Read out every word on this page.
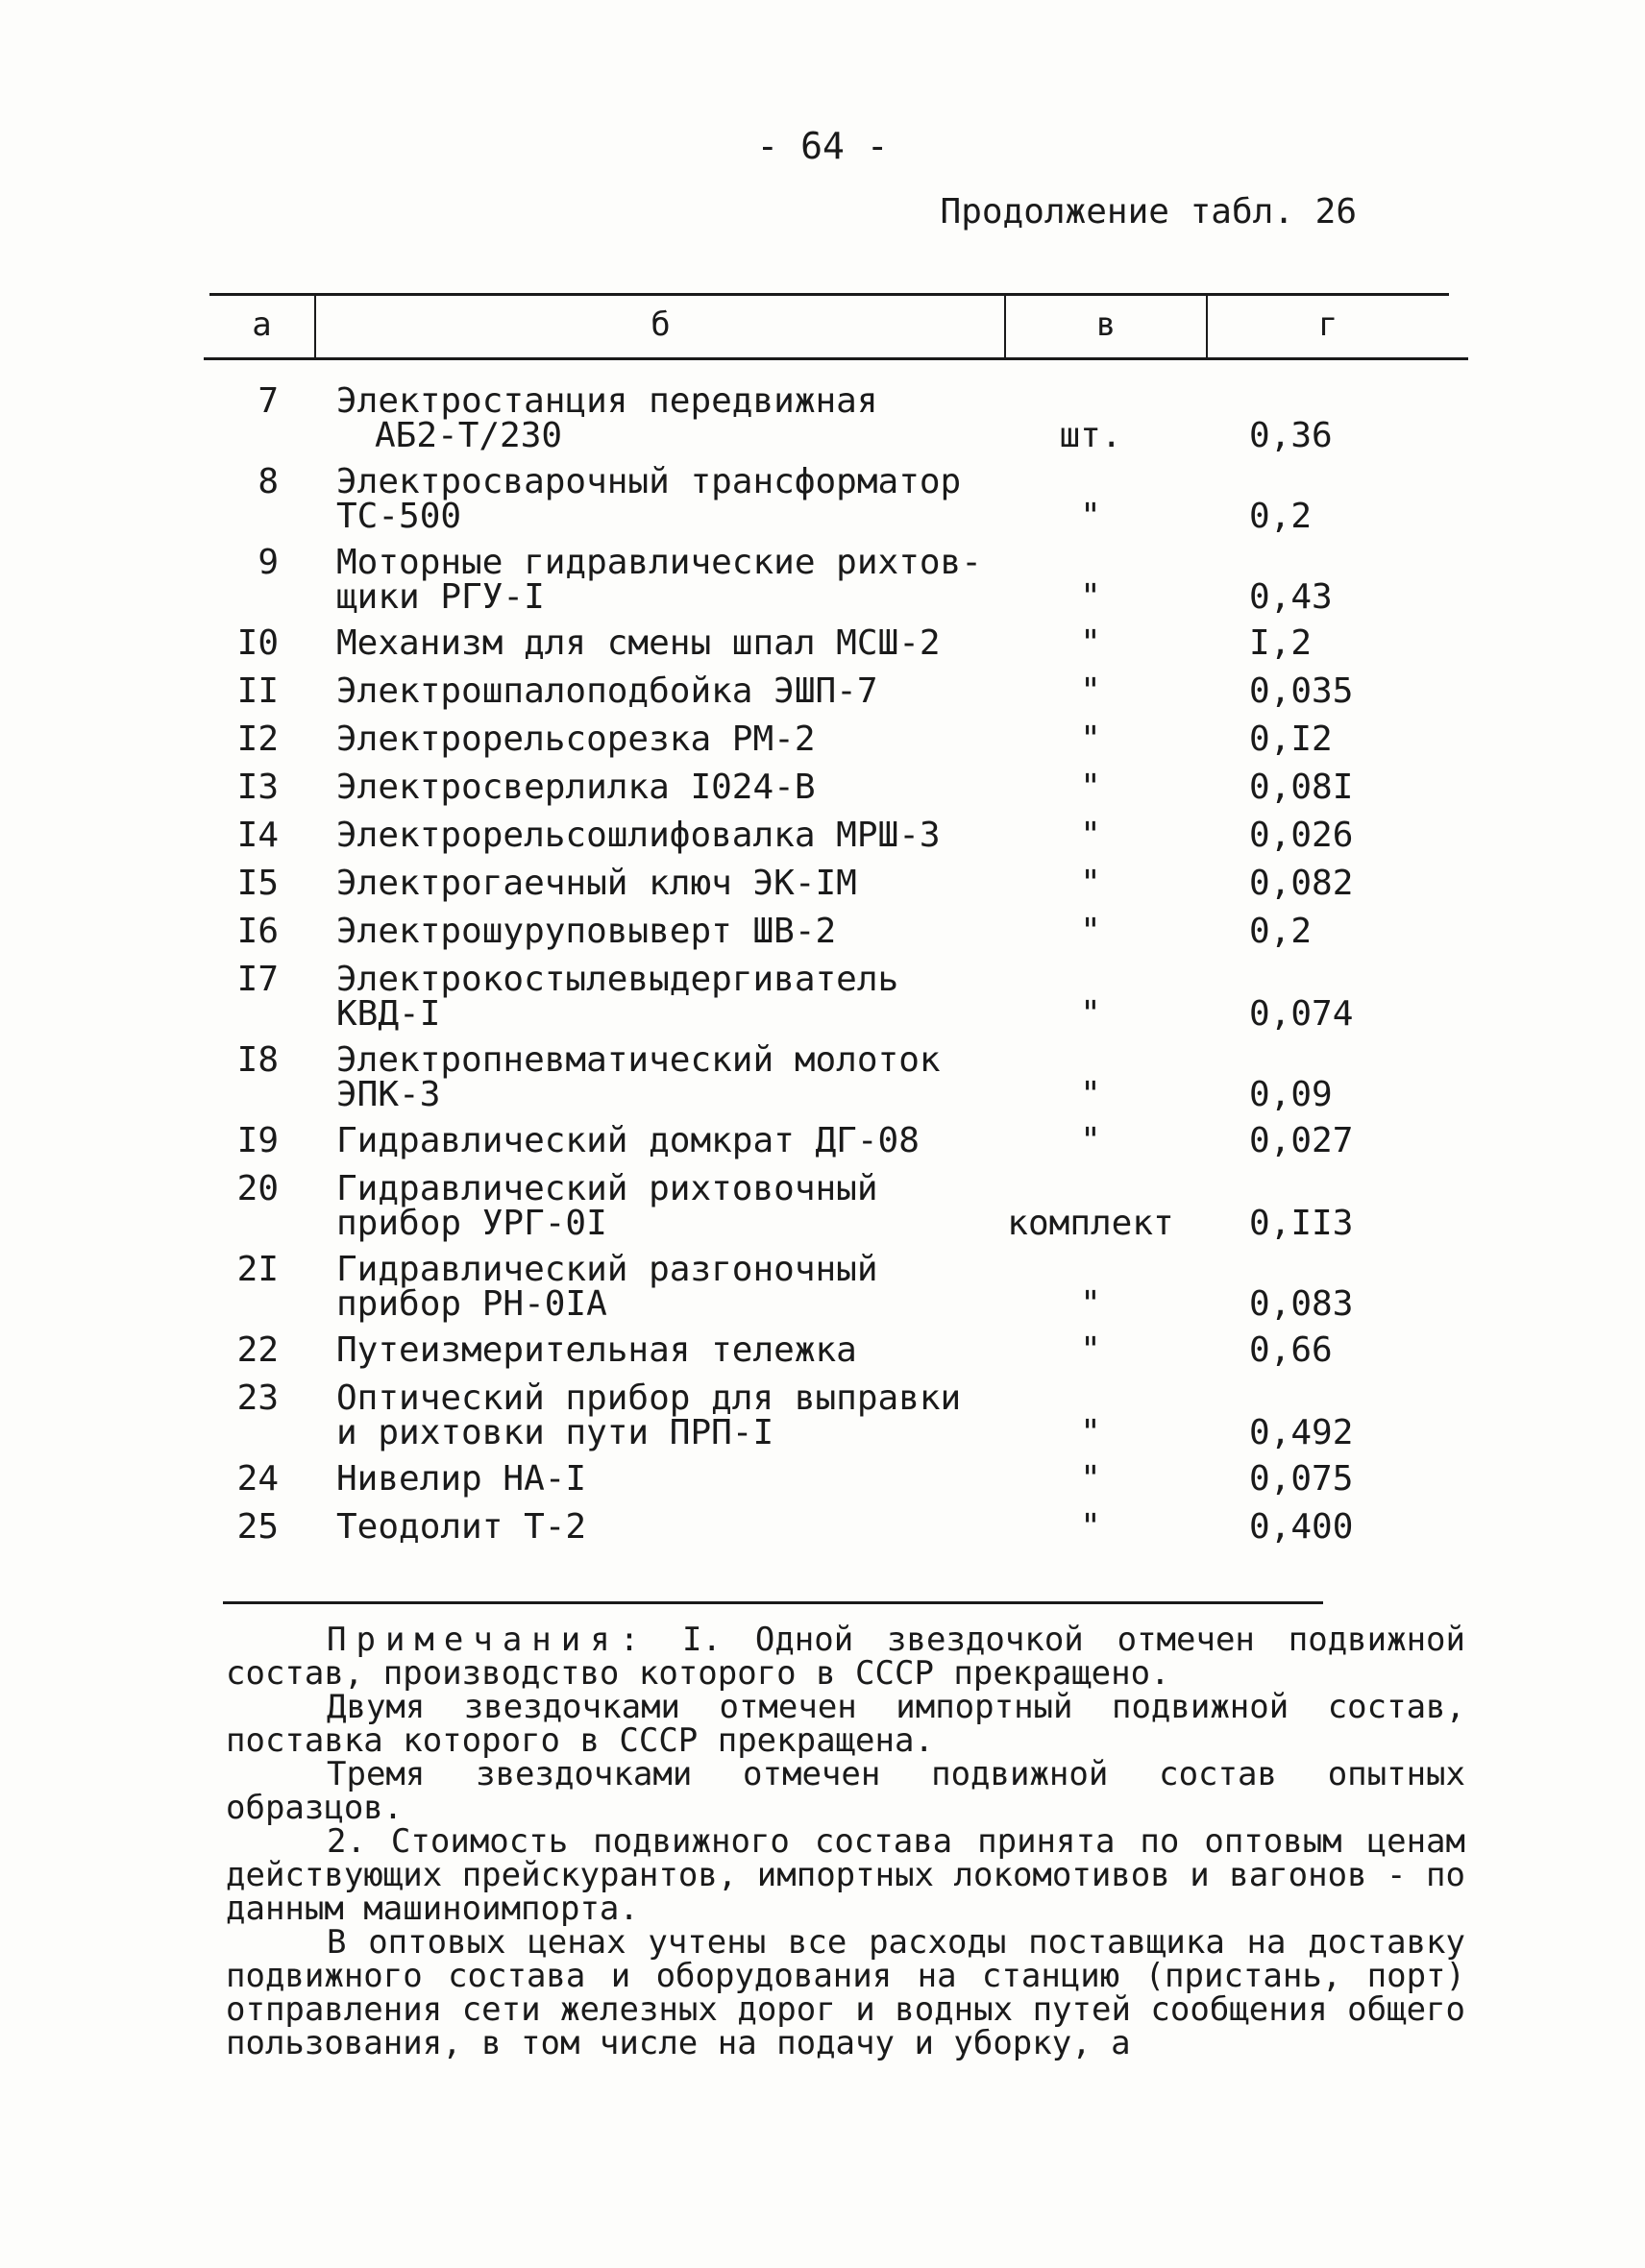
- 64 -
Продолжение табл. 26
а	б	в	г
7 Электростанция передвижная
АБ2-Т/230	шт.	0,36
8 Электросварочный трансформатор
ТС-500	"	0,2
9 Моторные гидравлические рихтов-
щики РГУ-I	"	0,43
I0 Механизм для смены шпал МСШ-2	"	I,2
II Электрошпалоподбойка ЭШП-7	"	0,035
I2 Электрорельсорезка РМ-2	"	0,I2
I3 Электросверлилка I024-В	"	0,08I
I4 Электрорельсошлифовалка МРШ-3	"	0,026
I5 Электрогаечный ключ ЭК-IМ	"	0,082
I6 Электрошуруповыверт ШВ-2	"	0,2
I7 Электрокостылевыдергиватель
КВД-I	"	0,074
I8 Электропневматический молоток
ЭПК-3	"	0,09
I9 Гидравлический домкрат ДГ-08	"	0,027
20 Гидравлический рихтовочный
прибор УРГ-0I	комплект 0,II3
2I Гидравлический разгоночный
прибор РН-0IА	"	0,083
22 Путеизмерительная тележка	"	0,66
23 Оптический прибор для выправки
и рихтовки пути ПРП-I	"	0,492
24 Нивелир НА-I	"	0,075
25 Теодолит Т-2	"	0,400

Примечания: I. Одной звездочкой отмечен подвижной состав, производство которого в СССР прекращено.

Двумя звездочками отмечен импортный подвижной состав, поставка которого в СССР прекращена.

Тремя звездочками отмечен подвижной состав опытных образцов.

2. Стоимость подвижного состава принята по оптовым ценам действующих прейскурантов, импортных локомотивов и вагонов - по данным машиноимпорта.

В оптовых ценах учтены все расходы поставщика на доставку подвижного состава и оборудования на станцию (пристань, порт) отправления сети железных дорог и водных путей сообщения общего пользования, в том числе на подачу и уборку, а
